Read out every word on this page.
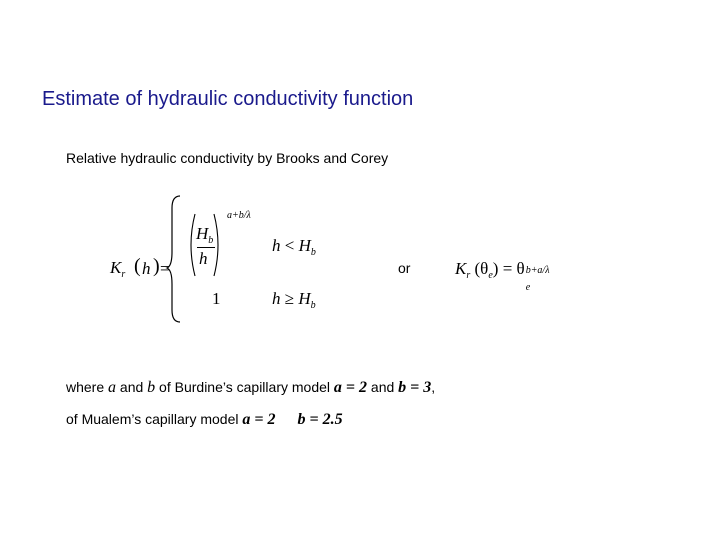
Estimate of hydraulic conductivity function
Relative hydraulic conductivity by Brooks and Corey
$K_r$ ( h ) =
$H_b$
h
a+b/λ
$h < H_b$
1	$h \ge H_b$
or	$K_r$ $(\theta_e) = \theta$ b+a/λ
e
where a and b of Burdine’s capillary model a = 2 and b = 3,
of Mualem’s capillary model a = 2 b = 2.5
